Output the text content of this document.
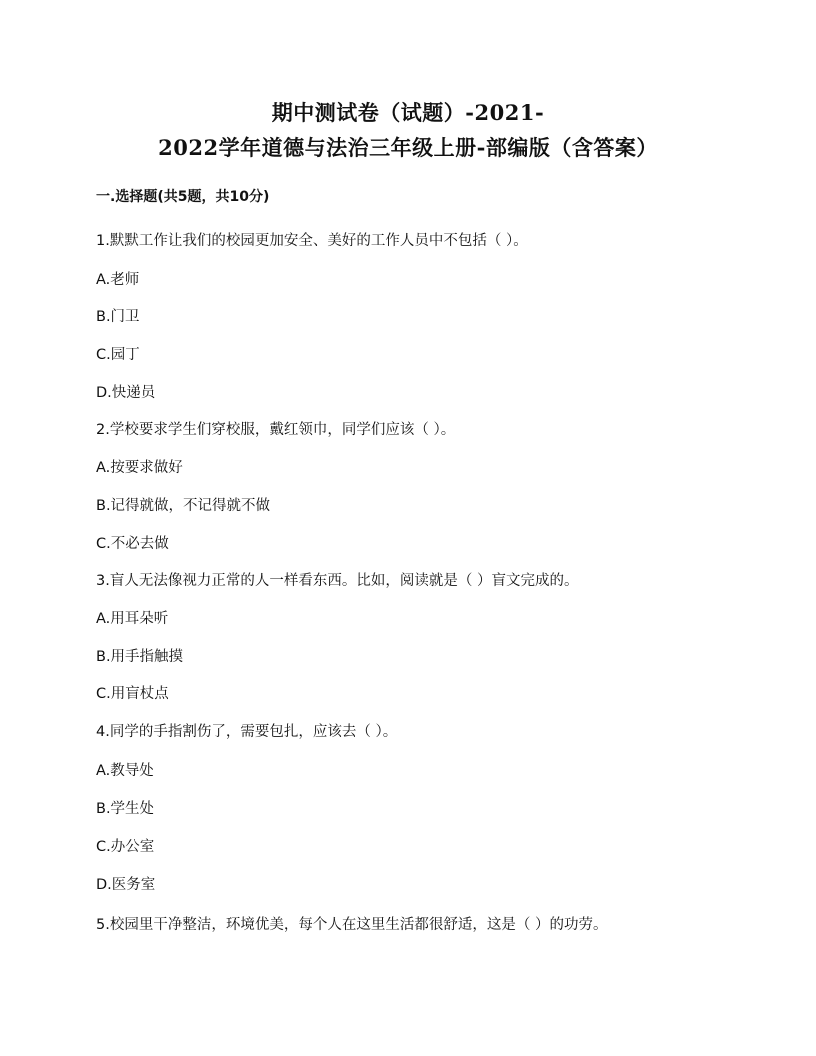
期中测试卷（试题）-2021-
2022学年道德与法治三年级上册-部编版（含答案）
一.选择题(共5题，共10分)
1.默默工作让我们的校园更加安全、美好的工作人员中不包括（ ）。
A.老师
B.门卫
C.园丁
D.快递员
2.学校要求学生们穿校服，戴红领巾，同学们应该（ ）。
A.按要求做好
B.记得就做，不记得就不做
C.不必去做
3.盲人无法像视力正常的人一样看东西。比如，阅读就是（ ）盲文完成的。
A.用耳朵听
B.用手指触摸
C.用盲杖点
4.同学的手指割伤了，需要包扎，应该去（ ）。
A.教导处
B.学生处
C.办公室
D.医务室
5.校园里干净整洁，环境优美，每个人在这里生活都很舒适，这是（ ）的功劳。
